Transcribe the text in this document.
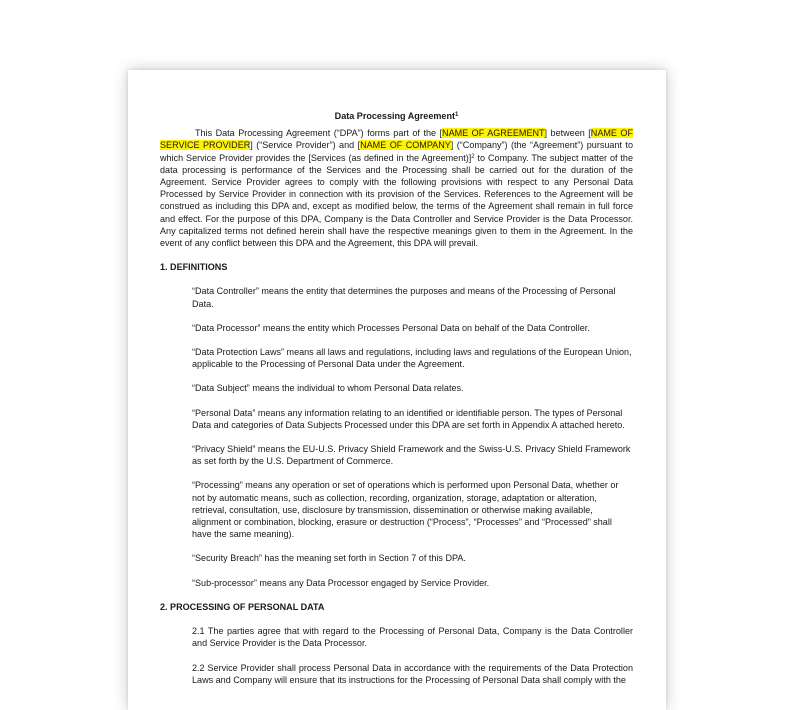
Data Processing Agreement$^1$

This Data Processing Agreement (“DPA”) forms part of the [NAME OF AGREEMENT] between [NAME OF SERVICE PROVIDER] (“Service Provider”) and [NAME OF COMPANY] (“Company”) (the “Agreement”) pursuant to which Service Provider provides the [Services (as defined in the Agreement)]$^2$ to Company. The subject matter of the data processing is performance of the Services and the Processing shall be carried out for the duration of the Agreement. Service Provider agrees to comply with the following provisions with respect to any Personal Data Processed by Service Provider in connection with its provision of the Services. References to the Agreement will be construed as including this DPA and, except as modified below, the terms of the Agreement shall remain in full force and effect. For the purpose of this DPA, Company is the Data Controller and Service Provider is the Data Processor. Any capitalized terms not defined herein shall have the respective meanings given to them in the Agreement. In the event of any conflict between this DPA and the Agreement, this DPA will prevail.

1. DEFINITIONS

“Data Controller” means the entity that determines the purposes and means of the Processing of Personal Data.

“Data Processor” means the entity which Processes Personal Data on behalf of the Data Controller.

“Data Protection Laws” means all laws and regulations, including laws and regulations of the European Union, applicable to the Processing of Personal Data under the Agreement.

“Data Subject” means the individual to whom Personal Data relates.

“Personal Data” means any information relating to an identified or identifiable person. The types of Personal Data and categories of Data Subjects Processed under this DPA are set forth in Appendix A attached hereto.

“Privacy Shield” means the EU-U.S. Privacy Shield Framework and the Swiss-U.S. Privacy Shield Framework as set forth by the U.S. Department of Commerce.

“Processing” means any operation or set of operations which is performed upon Personal Data, whether or not by automatic means, such as collection, recording, organization, storage, adaptation or alteration, retrieval, consultation, use, disclosure by transmission, dissemination or otherwise making available, alignment or combination, blocking, erasure or destruction (“Process”, “Processes” and “Processed” shall have the same meaning).

“Security Breach” has the meaning set forth in Section 7 of this DPA.

“Sub-processor” means any Data Processor engaged by Service Provider.

2. PROCESSING OF PERSONAL DATA

2.1 The parties agree that with regard to the Processing of Personal Data, Company is the Data Controller and Service Provider is the Data Processor.

2.2 Service Provider shall process Personal Data in accordance with the requirements of the Data Protection Laws and Company will ensure that its instructions for the Processing of Personal Data shall comply with the
